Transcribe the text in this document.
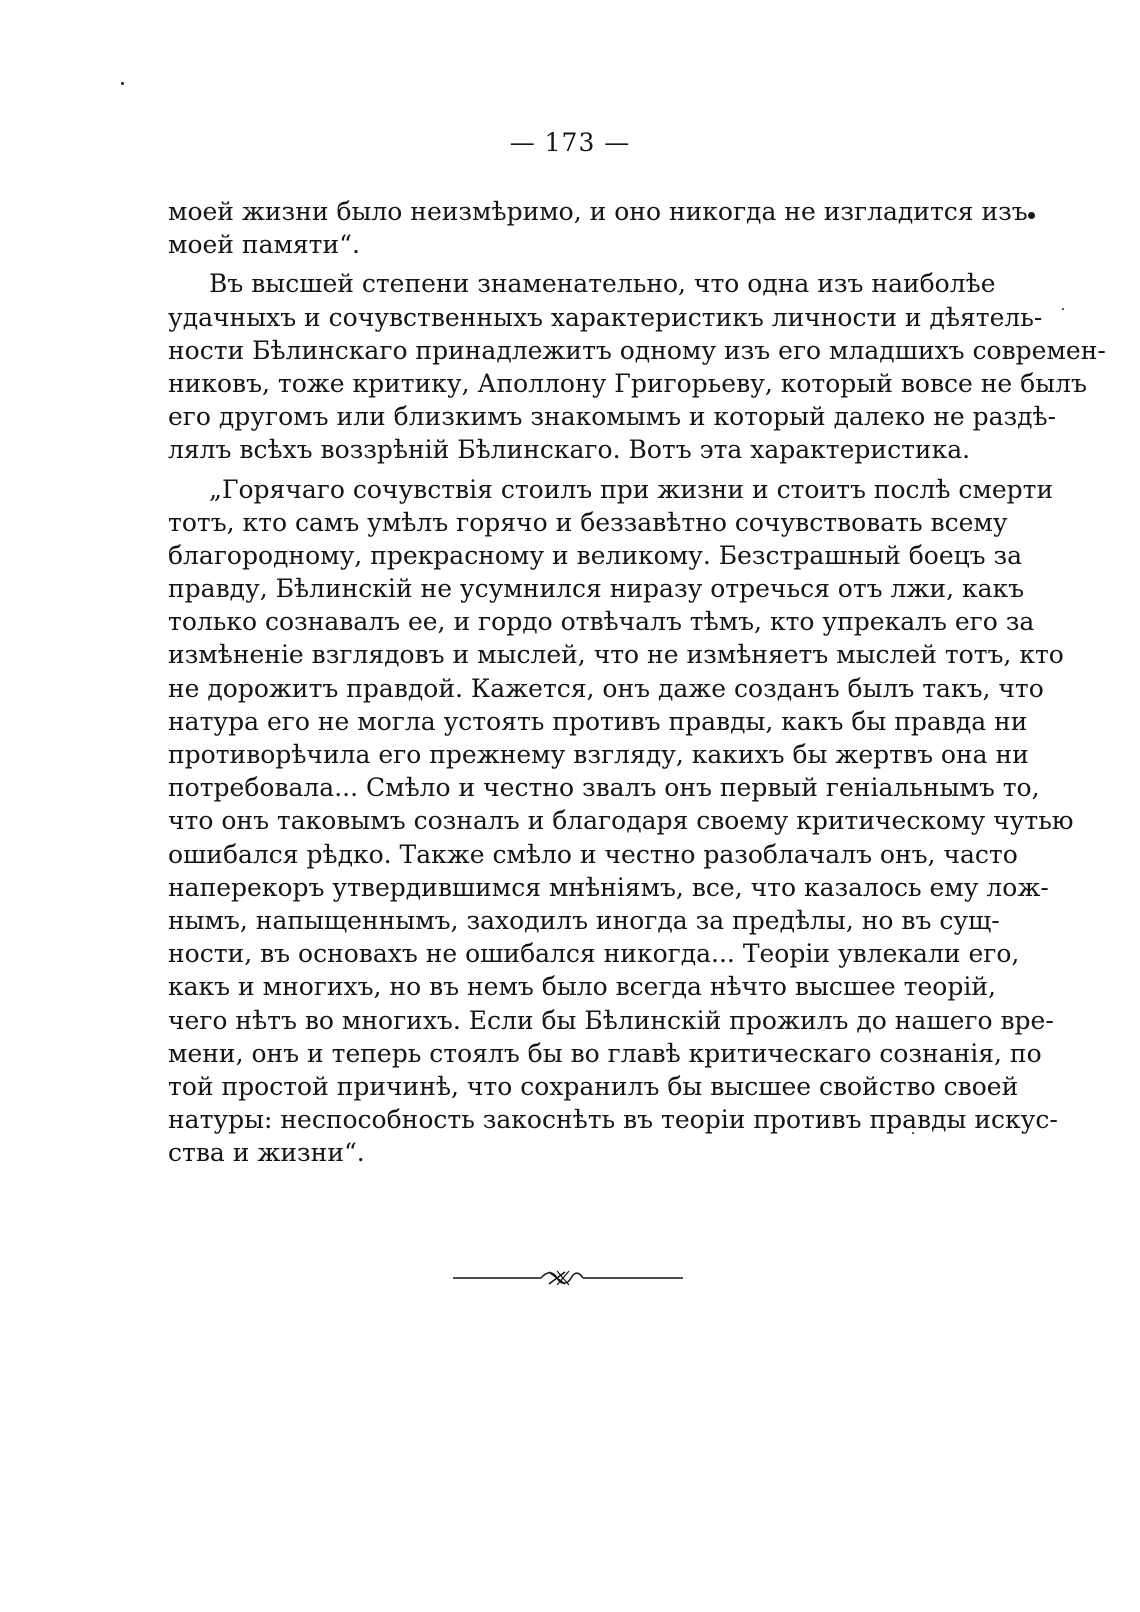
— 173 —
моей жизни было неизмѣримо, и оно никогда не изгладится изъ
моей памяти“.
Въ высшей степени знаменательно, что одна изъ наиболѣе
удачныхъ и сочувственныхъ характеристикъ личности и дѣятель-
ности Бѣлинскаго принадлежитъ одному изъ его младшихъ современ-
никовъ, тоже критику, Аполлону Григорьеву, который вовсе не былъ
его другомъ или близкимъ знакомымъ и который далеко не раздѣ-
лялъ всѣхъ воззрѣній Бѣлинскаго. Вотъ эта характеристика.
„Горячаго сочувствія стоилъ при жизни и стоитъ послѣ смерти
тотъ, кто самъ умѣлъ горячо и беззавѣтно сочувствовать всему
благородному, прекрасному и великому. Безстрашный боецъ за
правду, Бѣлинскій не усумнился ниразу отречься отъ лжи, какъ
только сознавалъ ее, и гордо отвѣчалъ тѣмъ, кто упрекалъ его за
измѣненіе взглядовъ и мыслей, что не измѣняетъ мыслей тотъ, кто
не дорожитъ правдой. Кажется, онъ даже созданъ былъ такъ, что
натура его не могла устоять противъ правды, какъ бы правда ни
противорѣчила его прежнему взгляду, какихъ бы жертвъ она ни
потребовала... Смѣло и честно звалъ онъ первый геніальнымъ то,
что онъ таковымъ созналъ и благодаря своему критическому чутью
ошибался рѣдко. Также смѣло и честно разоблачалъ онъ, часто
наперекоръ утвердившимся мнѣніямъ, все, что казалось ему лож-
нымъ, напыщеннымъ, заходилъ иногда за предѣлы, но въ сущ-
ности, въ основахъ не ошибался никогда... Теоріи увлекали его,
какъ и многихъ, но въ немъ было всегда нѣчто высшее теорій,
чего нѣтъ во многихъ. Если бы Бѣлинскій прожилъ до нашего вре-
мени, онъ и теперь стоялъ бы во главѣ критическаго сознанія, по
той простой причинѣ, что сохранилъ бы высшее свойство своей
натуры: неспособность закоснѣть въ теоріи противъ правды искус-
ства и жизни“.
